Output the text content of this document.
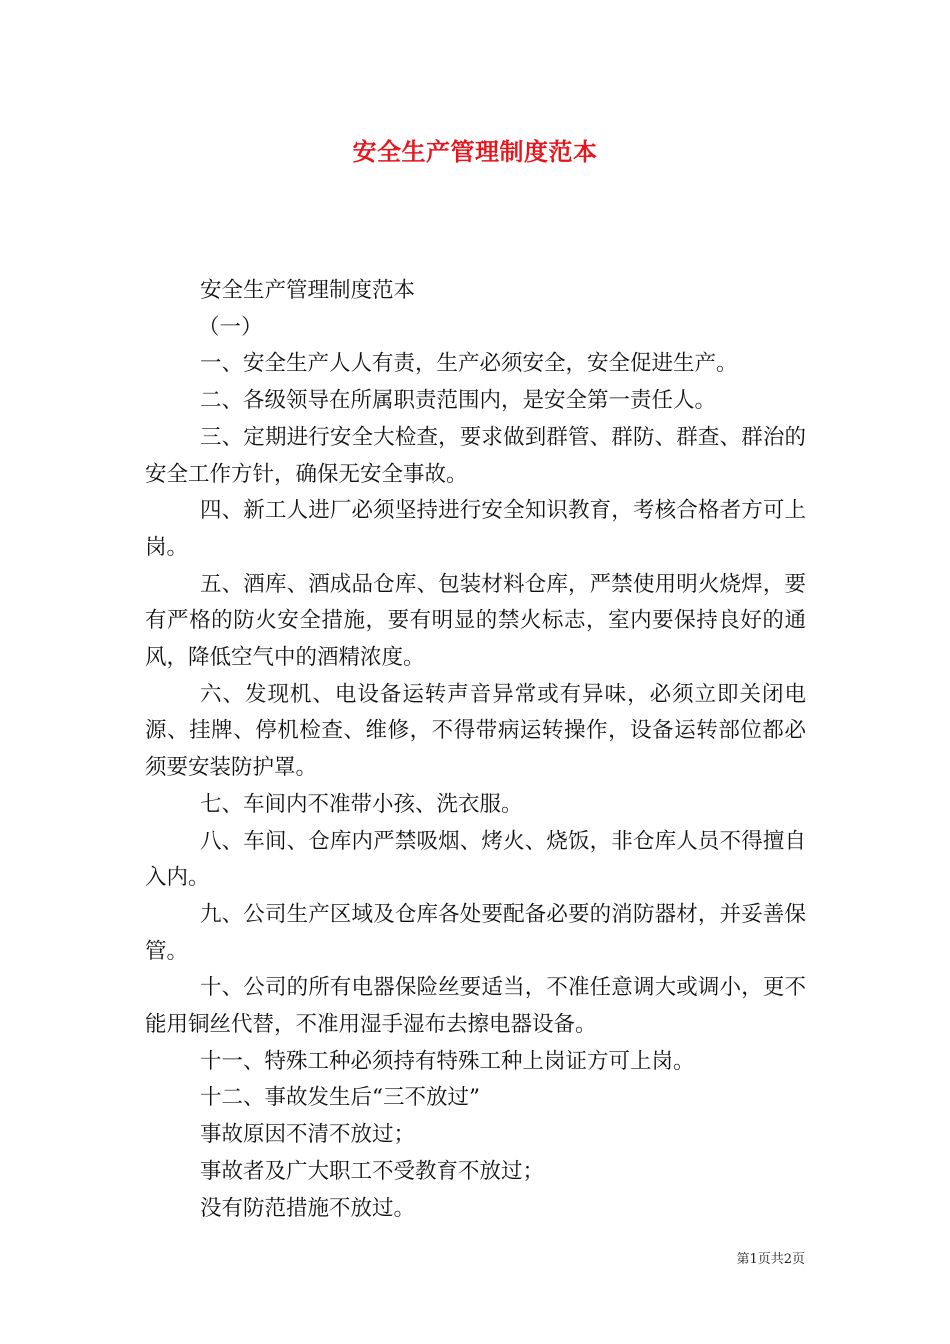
安全生产管理制度范本

安全生产管理制度范本

（一）

一、安全生产人人有责，生产必须安全，安全促进生产。

二、各级领导在所属职责范围内，是安全第一责任人。

三、定期进行安全大检查，要求做到群管、群防、群查、群治的安全工作方针，确保无安全事故。

四、新工人进厂必须坚持进行安全知识教育，考核合格者方可上岗。

五、酒库、酒成品仓库、包装材料仓库，严禁使用明火烧焊，要有严格的防火安全措施，要有明显的禁火标志，室内要保持良好的通风，降低空气中的酒精浓度。

六、发现机、电设备运转声音异常或有异味，必须立即关闭电源、挂牌、停机检查、维修，不得带病运转操作，设备运转部位都必须要安装防护罩。

七、车间内不准带小孩、洗衣服。

八、车间、仓库内严禁吸烟、烤火、烧饭，非仓库人员不得擅自入内。

九、公司生产区域及仓库各处要配备必要的消防器材，并妥善保管。

十、公司的所有电器保险丝要适当，不准任意调大或调小，更不能用铜丝代替，不准用湿手湿布去擦电器设备。

十一、特殊工种必须持有特殊工种上岗证方可上岗。

十二、事故发生后“三不放过”

事故原因不清不放过；

事故者及广大职工不受教育不放过；

没有防范措施不放过。

第1页共2页
